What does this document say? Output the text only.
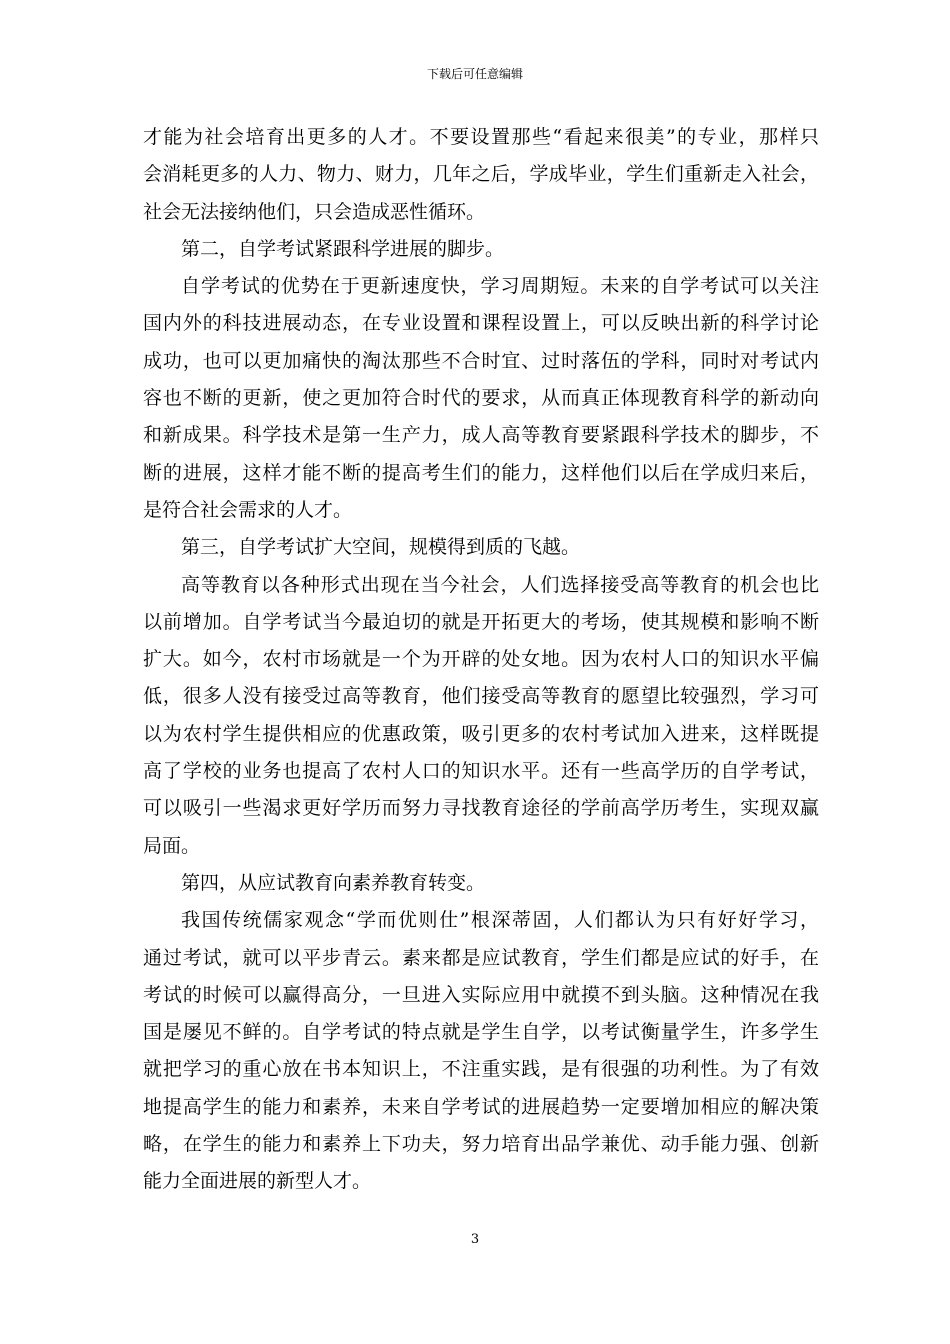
下载后可任意编辑
才能为社会培育出更多的人才。不要设置那些“看起来很美”的专业，那样只
会消耗更多的人力、物力、财力，几年之后，学成毕业，学生们重新走入社会，
社会无法接纳他们，只会造成恶性循环。
第二，自学考试紧跟科学进展的脚步。
自学考试的优势在于更新速度快，学习周期短。未来的自学考试可以关注
国内外的科技进展动态，在专业设置和课程设置上，可以反映出新的科学讨论
成功，也可以更加痛快的淘汰那些不合时宜、过时落伍的学科，同时对考试内
容也不断的更新，使之更加符合时代的要求，从而真正体现教育科学的新动向
和新成果。科学技术是第一生产力，成人高等教育要紧跟科学技术的脚步，不
断的进展，这样才能不断的提高考生们的能力，这样他们以后在学成归来后，
是符合社会需求的人才。
第三，自学考试扩大空间，规模得到质的飞越。
高等教育以各种形式出现在当今社会，人们选择接受高等教育的机会也比
以前增加。自学考试当今最迫切的就是开拓更大的考场，使其规模和影响不断
扩大。如今，农村市场就是一个为开辟的处女地。因为农村人口的知识水平偏
低，很多人没有接受过高等教育，他们接受高等教育的愿望比较强烈，学习可
以为农村学生提供相应的优惠政策，吸引更多的农村考试加入进来，这样既提
高了学校的业务也提高了农村人口的知识水平。还有一些高学历的自学考试，
可以吸引一些渴求更好学历而努力寻找教育途径的学前高学历考生，实现双赢
局面。
第四，从应试教育向素养教育转变。
我国传统儒家观念“学而优则仕”根深蒂固，人们都认为只有好好学习，
通过考试，就可以平步青云。素来都是应试教育，学生们都是应试的好手，在
考试的时候可以赢得高分，一旦进入实际应用中就摸不到头脑。这种情况在我
国是屡见不鲜的。自学考试的特点就是学生自学，以考试衡量学生，许多学生
就把学习的重心放在书本知识上，不注重实践，是有很强的功利性。为了有效
地提高学生的能力和素养，未来自学考试的进展趋势一定要增加相应的解决策
略，在学生的能力和素养上下功夫，努力培育出品学兼优、动手能力强、创新
能力全面进展的新型人才。
3
